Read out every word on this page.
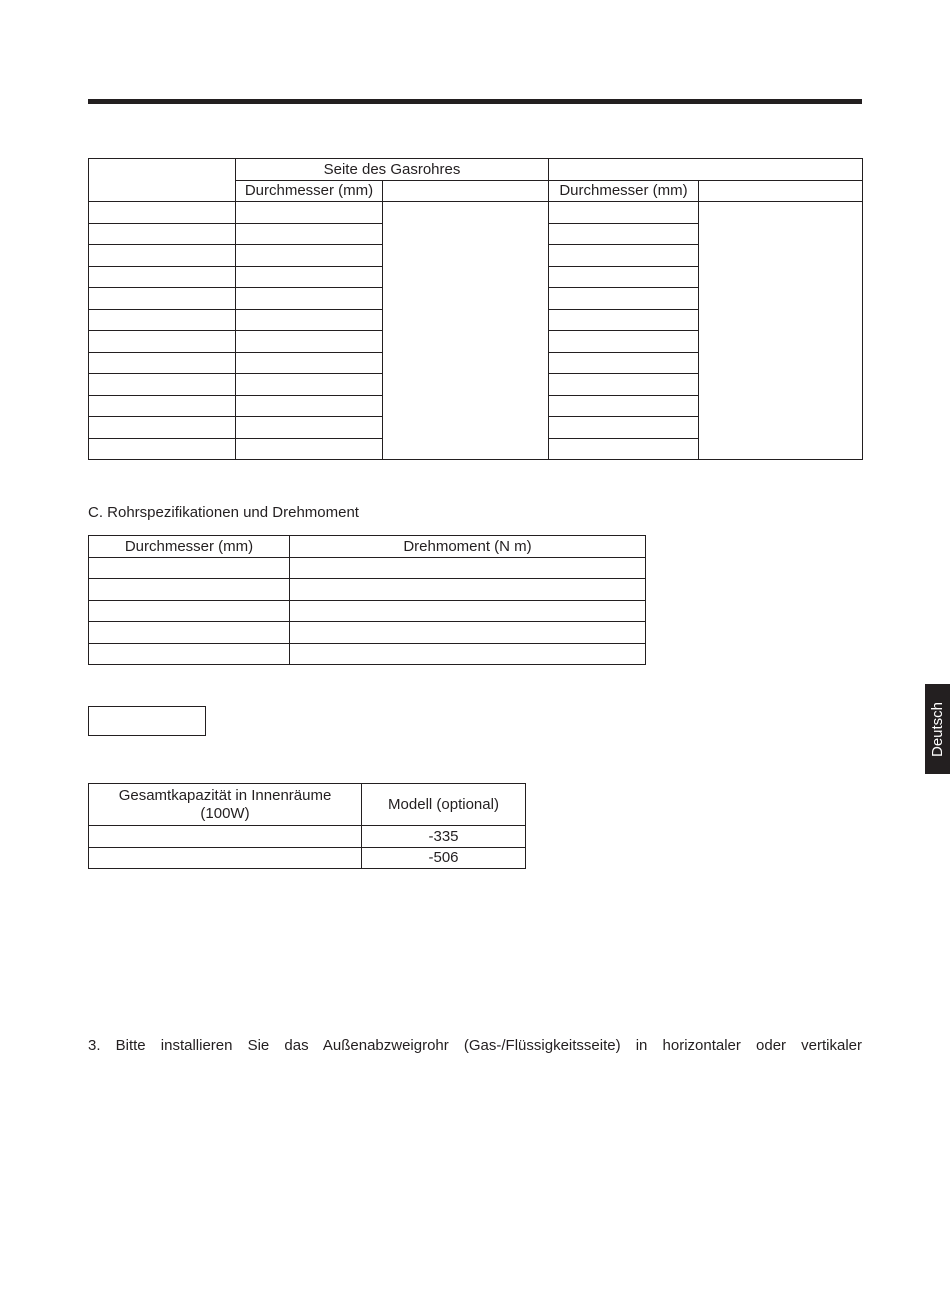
	Seite des Gasrohres			
	Durchmesser (mm)		Durchmesser (mm)	

C. Rohrspezifikationen und Drehmoment
Durchmesser (mm)	Drehmoment (N m)

Gesamtkapazität in Innenräume (100W)	Modell (optional)
	-335
	-506
3. Bitte installieren Sie das Außenabzweigrohr (Gas-/Flüssigkeitsseite) in horizontaler oder vertikaler
Deutsch
